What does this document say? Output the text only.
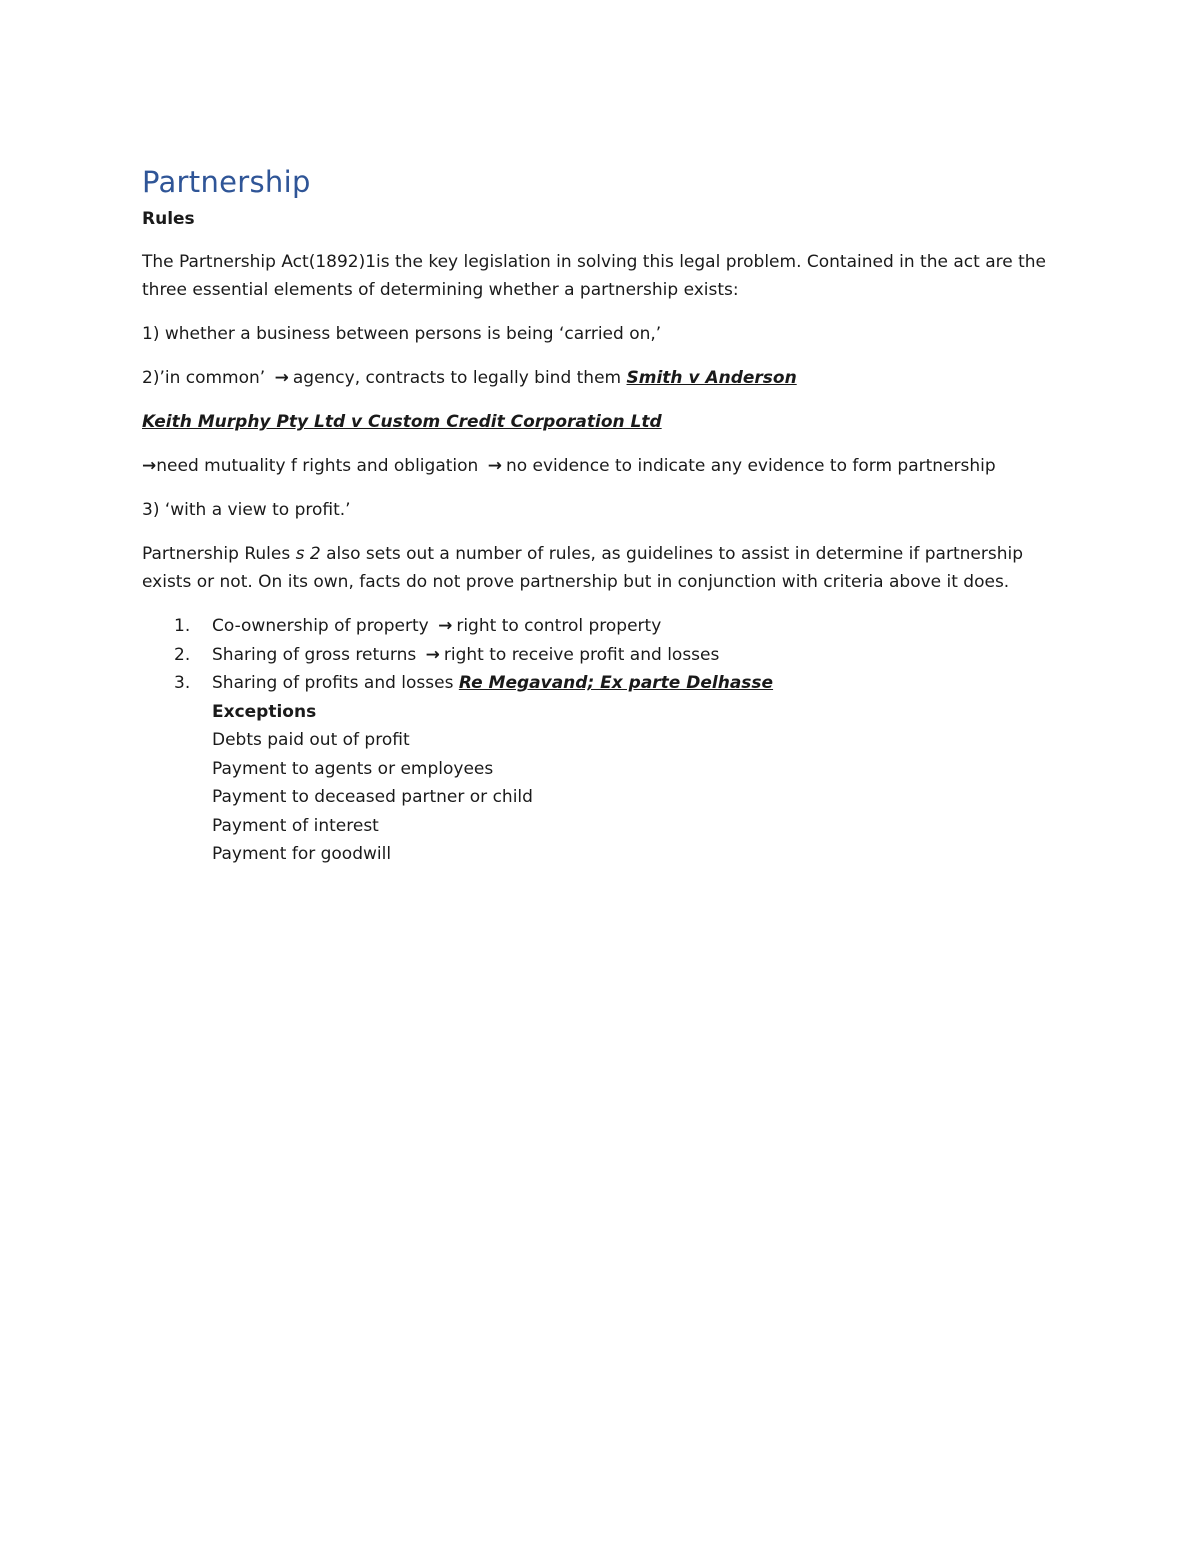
Partnership
Rules

The Partnership Act(1892)1is the key legislation in solving this legal problem. Contained in the act are the three essential elements of determining whether a partnership exists:

1) whether a business between persons is being ‘carried on,’

2)’in common’ → agency, contracts to legally bind them Smith v Anderson

Keith Murphy Pty Ltd v Custom Credit Corporation Ltd

→need mutuality f rights and obligation → no evidence to indicate any evidence to form partnership

3) ‘with a view to profit.’

Partnership Rules s 2 also sets out a number of rules, as guidelines to assist in determine if partnership exists or not. On its own, facts do not prove partnership but in conjunction with criteria above it does.

1. Co-ownership of property → right to control property
2. Sharing of gross returns → right to receive profit and losses
3. Sharing of profits and losses Re Megavand; Ex parte Delhasse
Exceptions
Debts paid out of profit
Payment to agents or employees
Payment to deceased partner or child
Payment of interest
Payment for goodwill
